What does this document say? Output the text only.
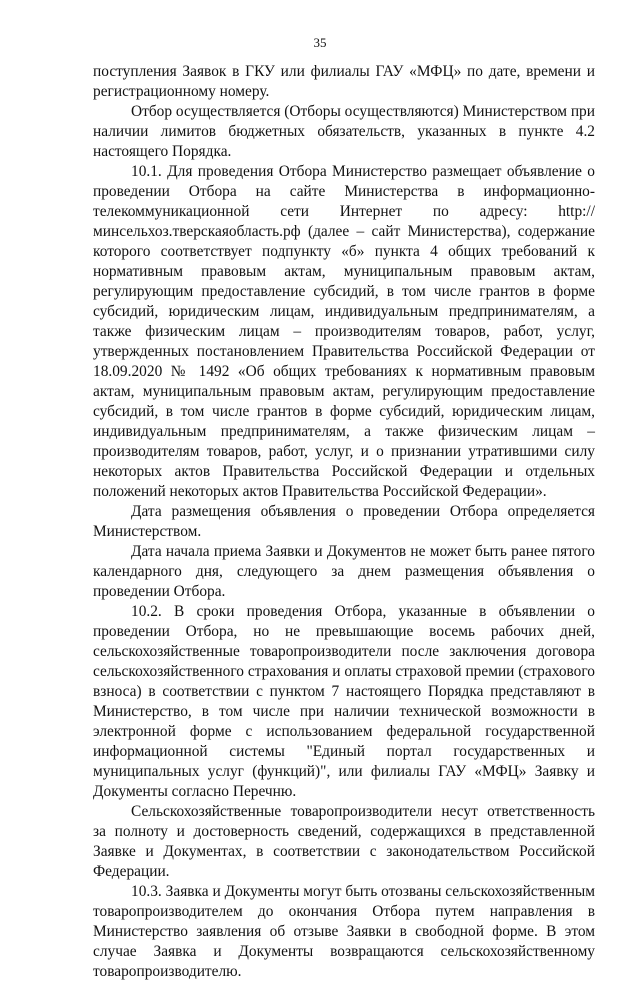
35

поступления Заявок в ГКУ или филиалы ГАУ «МФЦ» по дате, времени и регистрационному номеру.

Отбор осуществляется (Отборы осуществляются) Министерством при наличии лимитов бюджетных обязательств, указанных в пункте 4.2 настоящего Порядка.

10.1. Для проведения Отбора Министерство размещает объявление о проведении Отбора на сайте Министерства в информационно-телекоммуникационной сети Интернет по адресу: http://минсельхоз.тверскаяобласть.рф (далее – сайт Министерства), содержание которого соответствует подпункту «б» пункта 4 общих требований к нормативным правовым актам, муниципальным правовым актам, регулирующим предоставление субсидий, в том числе грантов в форме субсидий, юридическим лицам, индивидуальным предпринимателям, а также физическим лицам – производителям товаров, работ, услуг, утвержденных постановлением Правительства Российской Федерации от 18.09.2020 № 1492 «Об общих требованиях к нормативным правовым актам, муниципальным правовым актам, регулирующим предоставление субсидий, в том числе грантов в форме субсидий, юридическим лицам, индивидуальным предпринимателям, а также физическим лицам – производителям товаров, работ, услуг, и о признании утратившими силу некоторых актов Правительства Российской Федерации и отдельных положений некоторых актов Правительства Российской Федерации».

Дата размещения объявления о проведении Отбора определяется Министерством.

Дата начала приема Заявки и Документов не может быть ранее пятого календарного дня, следующего за днем размещения объявления о проведении Отбора.

10.2. В сроки проведения Отбора, указанные в объявлении о проведении Отбора, но не превышающие восемь рабочих дней, сельскохозяйственные товаропроизводители после заключения договора сельскохозяйственного страхования и оплаты страховой премии (страхового взноса) в соответствии с пунктом 7 настоящего Порядка представляют в Министерство, в том числе при наличии технической возможности в электронной форме с использованием федеральной государственной информационной системы "Единый портал государственных и муниципальных услуг (функций)", или филиалы ГАУ «МФЦ» Заявку и Документы согласно Перечню.

Сельскохозяйственные товаропроизводители несут ответственность за полноту и достоверность сведений, содержащихся в представленной Заявке и Документах, в соответствии с законодательством Российской Федерации.

10.3. Заявка и Документы могут быть отозваны сельскохозяйственным товаропроизводителем до окончания Отбора путем направления в Министерство заявления об отзыве Заявки в свободной форме. В этом случае Заявка и Документы возвращаются сельскохозяйственному товаропроизводителю.
